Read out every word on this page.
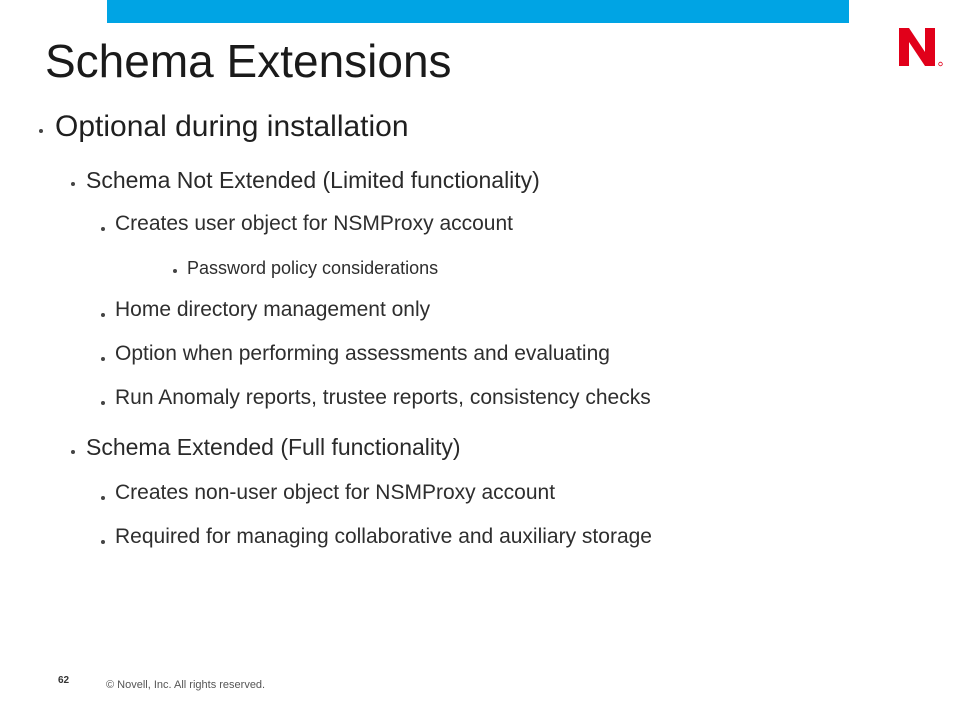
Schema Extensions
Optional during installation
Schema Not Extended (Limited functionality)
Creates user object for NSMProxy account
Password policy considerations
Home directory management only
Option when performing assessments and evaluating
Run Anomaly reports, trustee reports, consistency checks
Schema Extended (Full functionality)
Creates non-user object for NSMProxy account
Required for managing collaborative and auxiliary storage
62	© Novell, Inc. All rights reserved.
